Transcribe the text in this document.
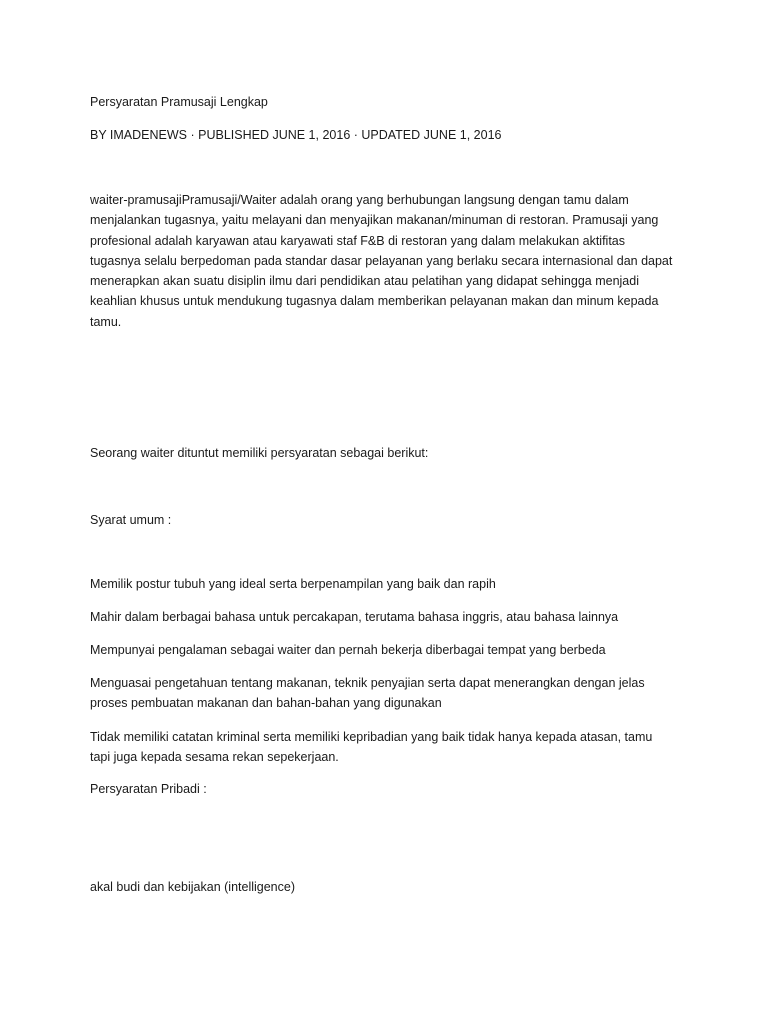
Persyaratan Pramusaji Lengkap
BY IMADENEWS · PUBLISHED JUNE 1, 2016 · UPDATED JUNE 1, 2016
waiter-pramusajiPramusaji/Waiter adalah orang yang berhubungan langsung dengan tamu dalam
menjalankan tugasnya, yaitu melayani dan menyajikan makanan/minuman di restoran. Pramusaji yang
profesional adalah karyawan atau karyawati staf F&B di restoran yang dalam melakukan aktifitas
tugasnya selalu berpedoman pada standar dasar pelayanan yang berlaku secara internasional dan dapat
menerapkan akan suatu disiplin ilmu dari pendidikan atau pelatihan yang didapat sehingga menjadi
keahlian khusus untuk mendukung tugasnya dalam memberikan pelayanan makan dan minum kepada
tamu.
Seorang waiter dituntut memiliki persyaratan sebagai berikut:
Syarat umum :
Memilik postur tubuh yang ideal serta berpenampilan yang baik dan rapih
Mahir dalam berbagai bahasa untuk percakapan, terutama bahasa inggris, atau bahasa lainnya
Mempunyai pengalaman sebagai waiter dan pernah bekerja diberbagai tempat yang berbeda
Menguasai pengetahuan tentang makanan, teknik penyajian serta dapat menerangkan dengan jelas
proses pembuatan makanan dan bahan-bahan yang digunakan
Tidak memiliki catatan kriminal serta memiliki kepribadian yang baik tidak hanya kepada atasan, tamu
tapi juga kepada sesama rekan sepekerjaan.
Persyaratan Pribadi :
akal budi dan kebijakan (intelligence)
